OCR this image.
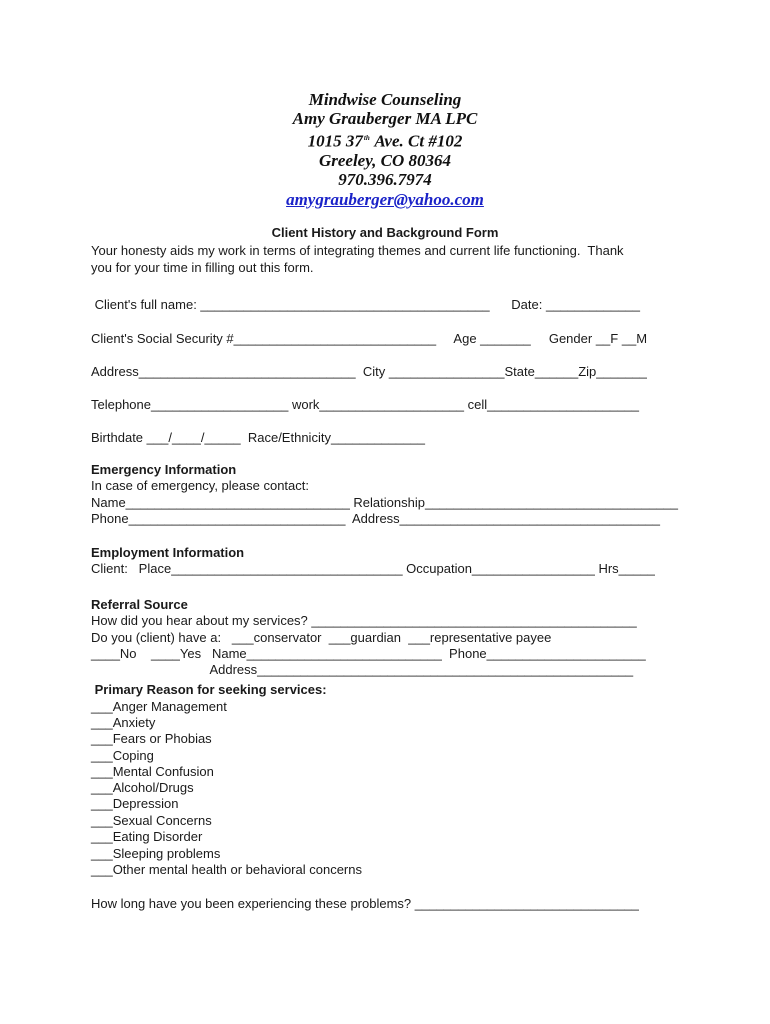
Mindwise Counseling
Amy Grauberger MA LPC
1015 37th Ave. Ct #102
Greeley, CO 80364
970.396.7974
amygrauberger@yahoo.com
Client History and Background Form
Your honesty aids my work in terms of integrating themes and current life functioning.  Thank
you for your time in filling out this form.
Client's full name: ________________________________________      Date: _____________
Client's Social Security #____________________________     Age _______     Gender __F __M
Address______________________________  City ________________State______Zip_______
Telephone___________________ work____________________ cell_____________________
Birthdate ___/____/_____  Race/Ethnicity_____________
Emergency Information
In case of emergency, please contact:
Name_______________________________ Relationship___________________________________
Phone______________________________  Address____________________________________
Employment Information
Client:   Place________________________________ Occupation_________________ Hrs_____
Referral Source
How did you hear about my services? _____________________________________________
Do you (client) have a:   ___conservator  ___guardian  ___representative payee
____No    ____Yes   Name___________________________  Phone______________________
Address____________________________________________________
Primary Reason for seeking services:
___Anger Management
___Anxiety
___Fears or Phobias
___Coping
___Mental Confusion
___Alcohol/Drugs
___Depression
___Sexual Concerns
___Eating Disorder
___Sleeping problems
___Other mental health or behavioral concerns
How long have you been experiencing these problems? _______________________________
